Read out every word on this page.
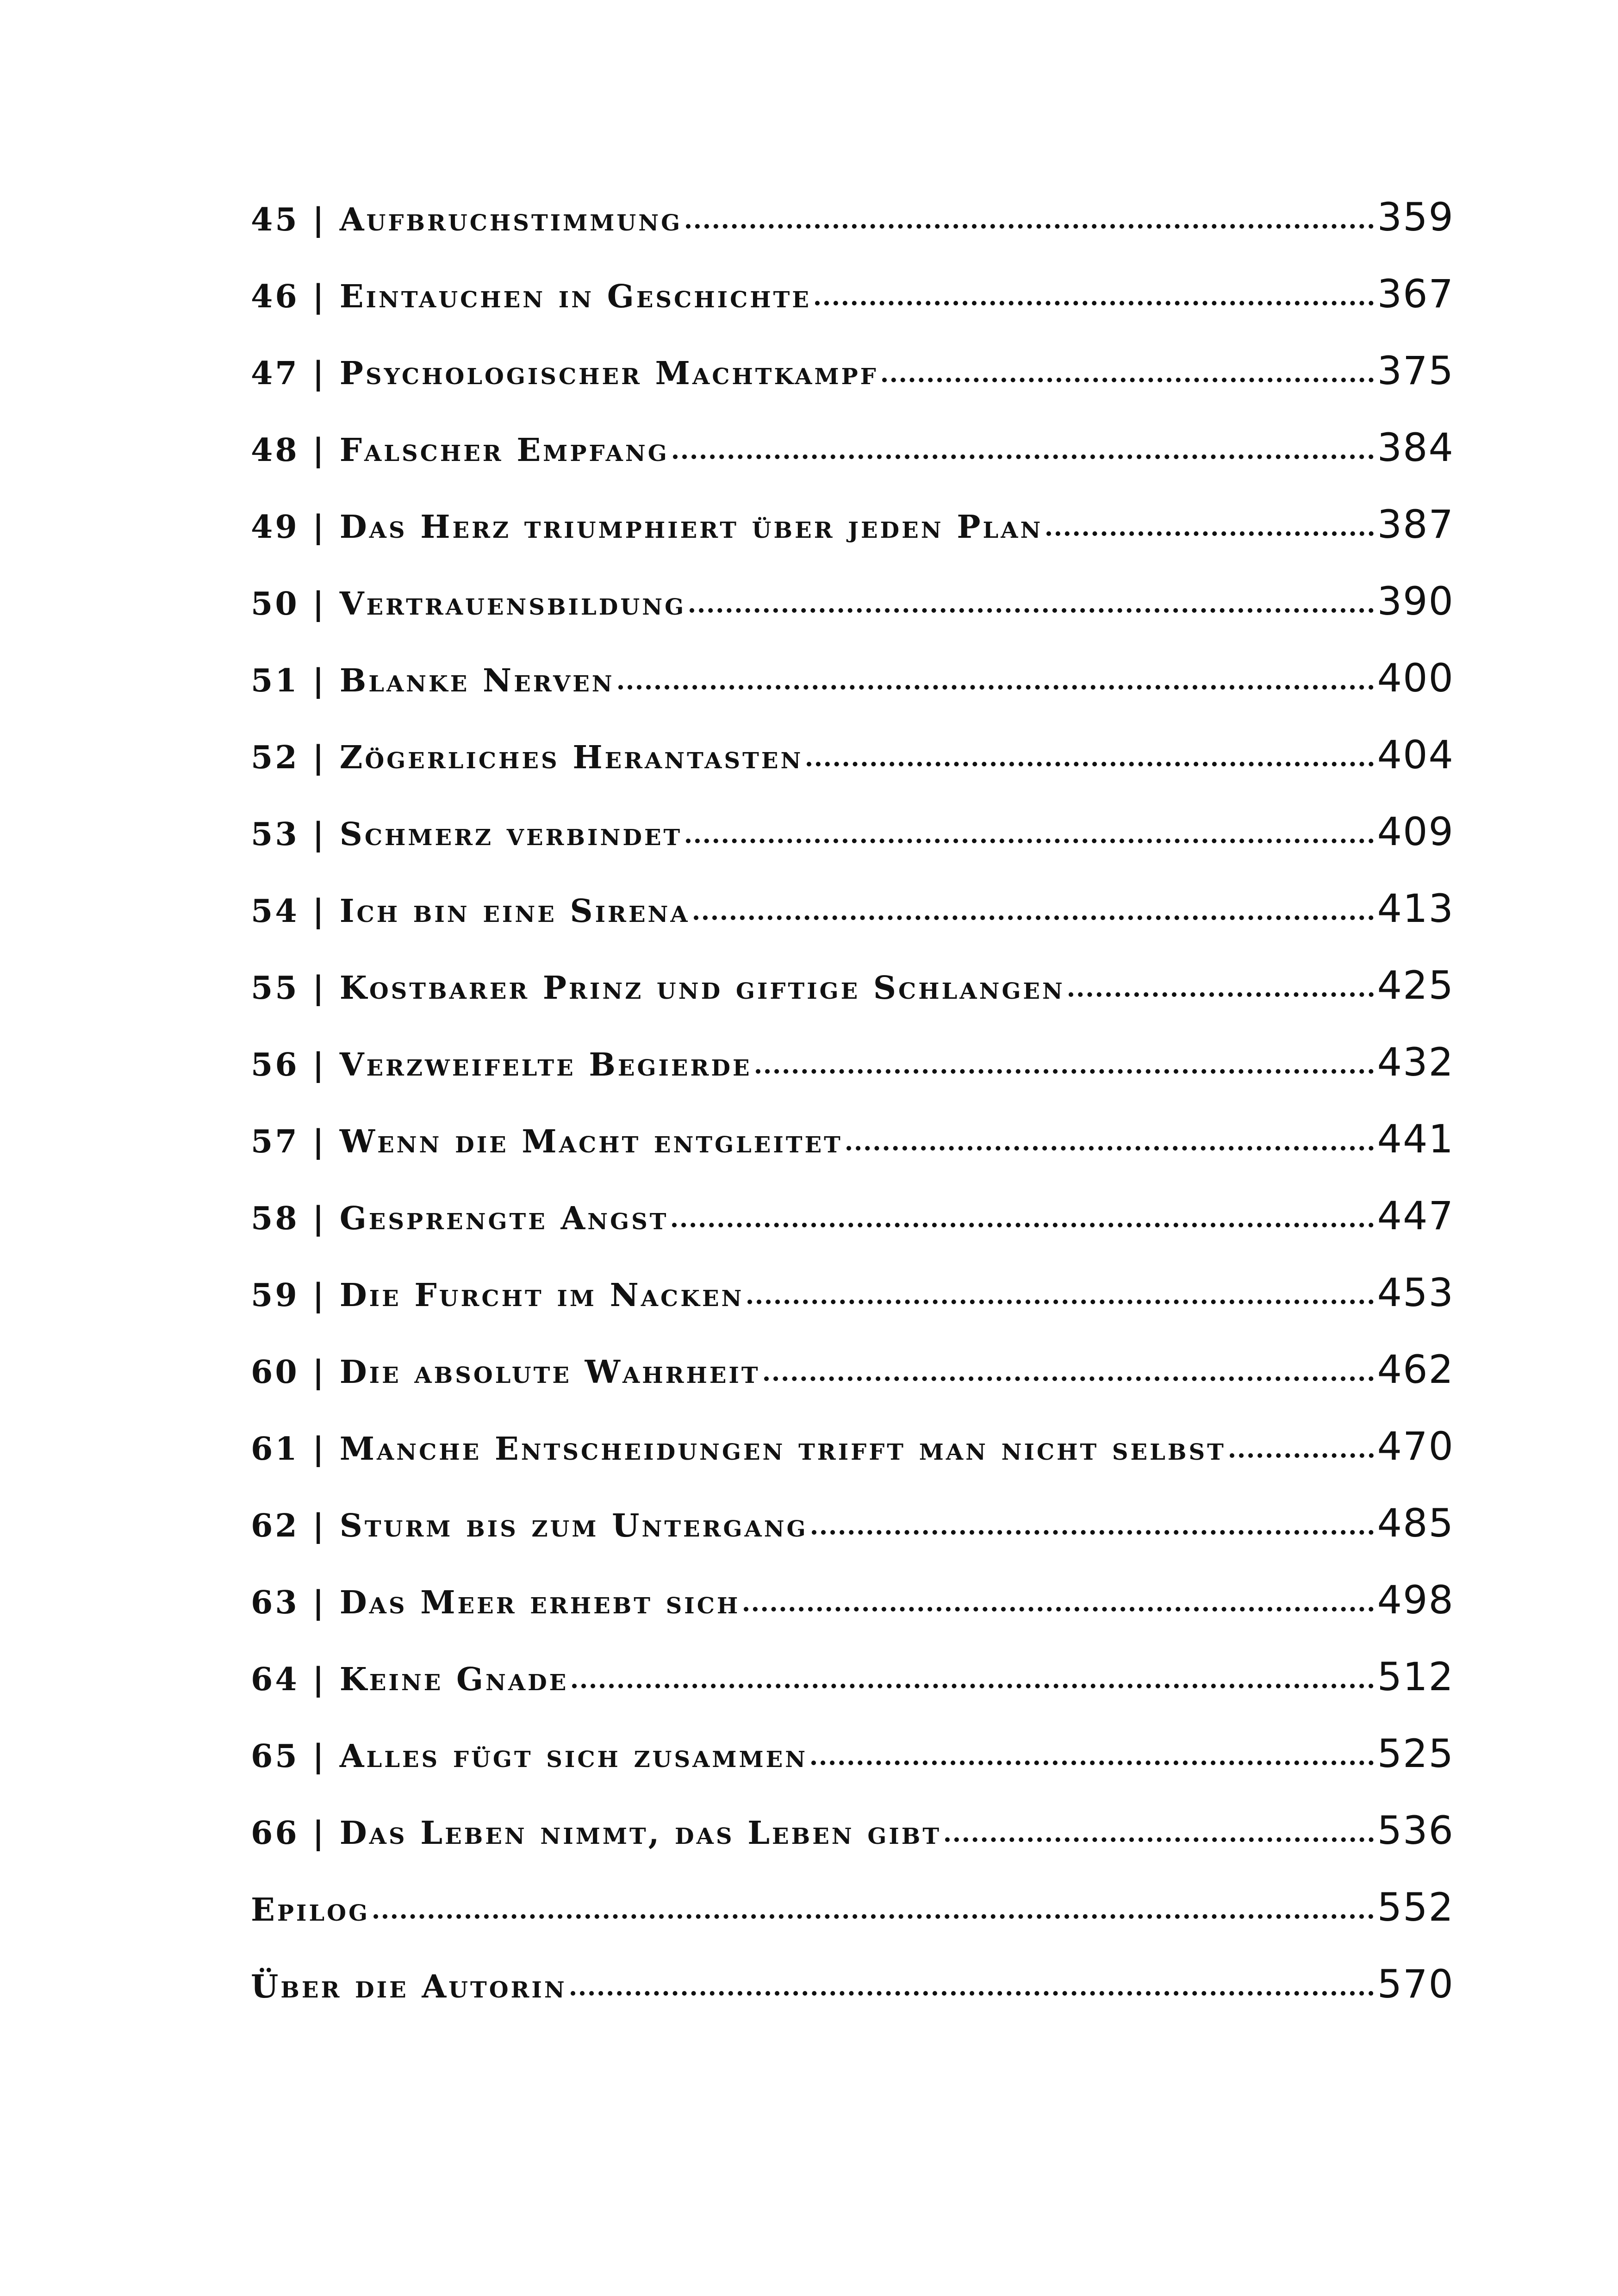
45 | Aufbruchstimmung	359
46 | Eintauchen in Geschichte	367
47 | Psychologischer Machtkampf	375
48 | Falscher Empfang	384
49 | Das Herz triumphiert über jeden Plan	387
50 | Vertrauensbildung	390
51 | Blanke Nerven	400
52 | Zögerliches Herantasten	404
53 | Schmerz verbindet	409
54 | Ich bin eine Sirena	413
55 | Kostbarer Prinz und giftige Schlangen	425
56 | Verzweifelte Begierde	432
57 | Wenn die Macht entgleitet	441
58 | Gesprengte Angst	447
59 | Die Furcht im Nacken	453
60 | Die absolute Wahrheit	462
61 | Manche Entscheidungen trifft man nicht selbst	470
62 | Sturm bis zum Untergang	485
63 | Das Meer erhebt sich	498
64 | Keine Gnade	512
65 | Alles fügt sich zusammen	525
66 | Das Leben nimmt, das Leben gibt	536
Epilog	552
Über die Autorin	570
